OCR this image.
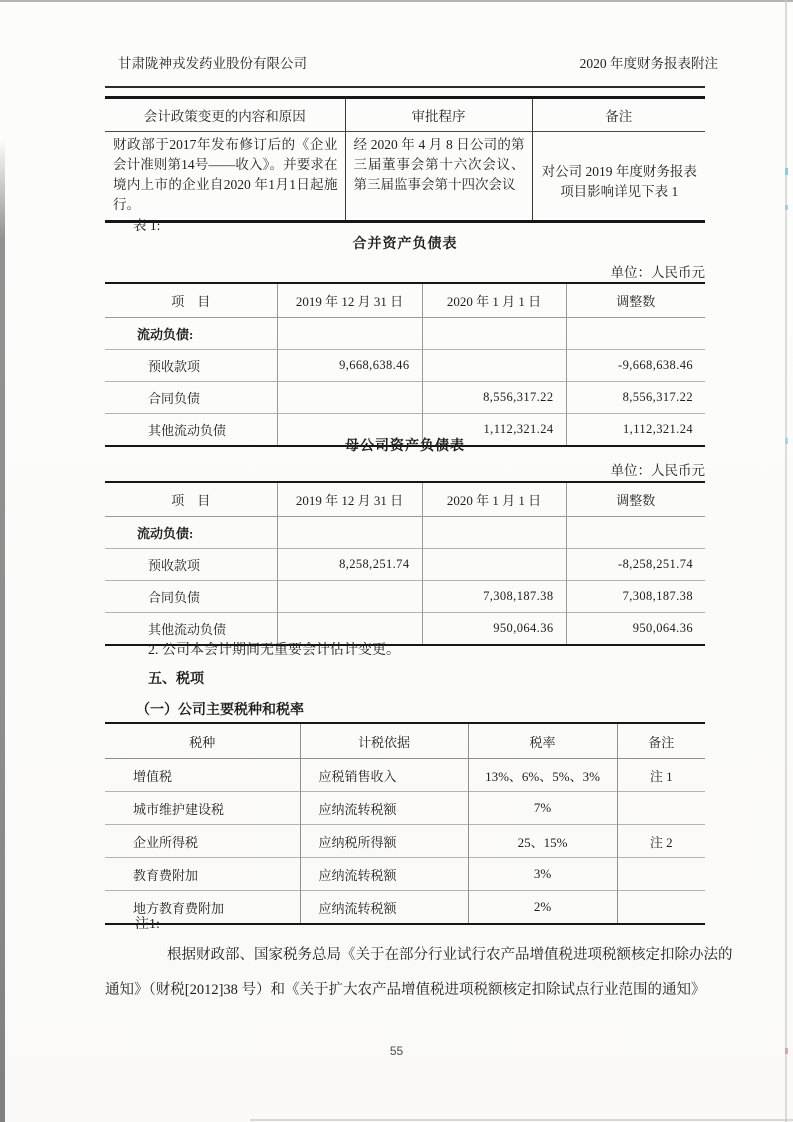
甘肃陇神戎发药业股份有限公司	2020 年度财务报表附注
会计政策变更的内容和原因	审批程序	备注
财政部于2017年发布修订后的《企业会计准则第14号——收入》。并要求在境内上市的企业自2020 年1月1日起施行。	经 2020 年 4 月 8 日公司的第三届董事会第十六次会议、第三届监事会第十四次会议	对公司 2019 年度财务报表项目影响详见下表 1
表 1:
合并资产负债表
单位：人民币元
项　目	2019 年 12 月 31 日	2020 年 1 月 1 日	调整数
流动负债:			
预收款项	9,668,638.46		-9,668,638.46
合同负债		8,556,317.22	8,556,317.22
其他流动负债		1,112,321.24	1,112,321.24
母公司资产负债表
单位：人民币元
项　目	2019 年 12 月 31 日	2020 年 1 月 1 日	调整数
流动负债:			
预收款项	8,258,251.74		-8,258,251.74
合同负债		7,308,187.38	7,308,187.38
其他流动负债		950,064.36	950,064.36
2. 公司本会计期间无重要会计估计变更。
五、税项
（一）公司主要税种和税率
税种	计税依据	税率	备注
增值税	应税销售收入	13%、6%、5%、3%	注 1
城市维护建设税	应纳流转税额	7%	
企业所得税	应纳税所得额	25、15%	注 2
教育费附加	应纳流转税额	3%	
地方教育费附加	应纳流转税额	2%	
注1:
根据财政部、国家税务总局《关于在部分行业试行农产品增值税进项税额核定扣除办法的
通知》（财税[2012]38 号）和《关于扩大农产品增值税进项税额核定扣除试点行业范围的通知》
55
